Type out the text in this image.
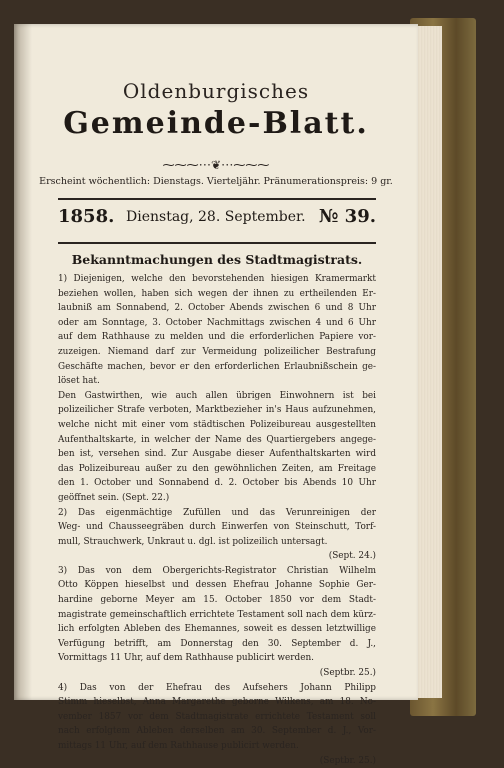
Oldenburgisches
Gemeinde-Blatt.
⁓⁓⁓⋅⋅⋅❦⋅⋅⋅⁓⁓⁓
Erscheint wöchentlich: Dienstags. Vierteljähr. Pränumerationspreis: 9 gr.
1858. Dienstag, 28. September. № 39.
Bekanntmachungen des Stadtmagistrats.
1) Diejenigen, welche den bevorstehenden hiesigen Kramermarkt
beziehen wollen, haben sich wegen der ihnen zu ertheilenden Er-
laubniß am Sonnabend, 2. October Abends zwischen 6 und 8 Uhr
oder am Sonntage, 3. October Nachmittags zwischen 4 und 6 Uhr
auf dem Rathhause zu melden und die erforderlichen Papiere vor-
zuzeigen. Niemand darf zur Vermeidung polizeilicher Bestrafung
Geschäfte machen, bevor er den erforderlichen Erlaubnißschein ge-
löset hat.
Den Gastwirthen, wie auch allen übrigen Einwohnern ist bei
polizeilicher Strafe verboten, Marktbezieher in's Haus aufzunehmen,
welche nicht mit einer vom städtischen Polizeibureau ausgestellten
Aufenthaltskarte, in welcher der Name des Quartiergebers angege-
ben ist, versehen sind. Zur Ausgabe dieser Aufenthaltskarten wird
das Polizeibureau außer zu den gewöhnlichen Zeiten, am Freitage
den 1. October und Sonnabend d. 2. October bis Abends 10 Uhr
geöffnet sein. (Sept. 22.)
2) Das eigenmächtige Zufüllen und das Verunreinigen der
Weg- und Chausseegräben durch Einwerfen von Steinschutt, Torf-
mull, Strauchwerk, Unkraut u. dgl. ist polizeilich untersagt.
(Sept. 24.)
3) Das von dem Obergerichts-Registrator Christian Wilhelm
Otto Köppen hieselbst und dessen Ehefrau Johanne Sophie Ger-
hardine geborne Meyer am 15. October 1850 vor dem Stadt-
magistrate gemeinschaftlich errichtete Testament soll nach dem kürz-
lich erfolgten Ableben des Ehemannes, soweit es dessen letztwillige
Verfügung betrifft, am Donnerstag den 30. September d. J.,
Vormittags 11 Uhr, auf dem Rathhause publicirt werden.
(Septbr. 25.)
4) Das von der Ehefrau des Aufsehers Johann Philipp
Stimm hieselbst, Anna Margarethe geborne Wilkens, am 18. No-
vember 1857 vor dem Stadtmagistrate errichtete Testament soll
nach erfolgtem Ableben derselben am 30. September d. J., Vor-
mittags 11 Uhr, auf dem Rathhause publicirt werden.
(Septbr. 25.)
